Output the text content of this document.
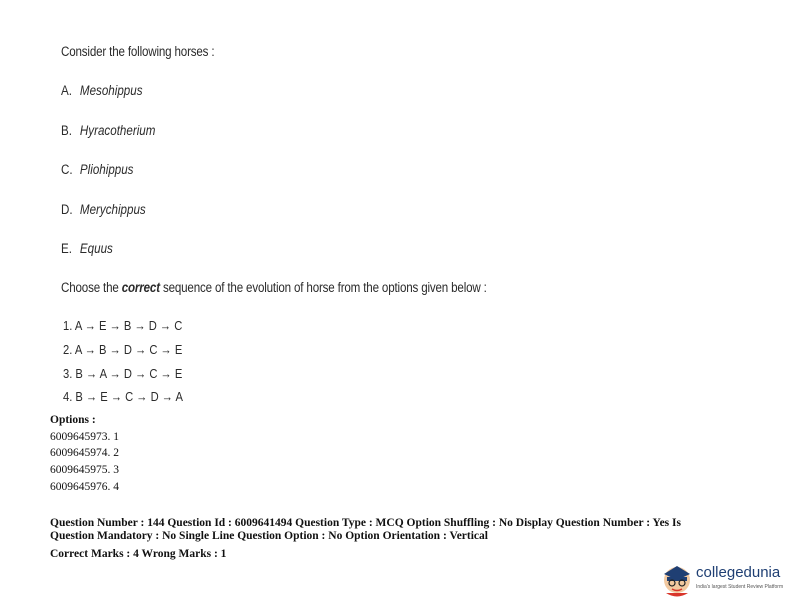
Consider the following horses :
A. Mesohippus
B. Hyracotherium
C. Pliohippus
D. Merychippus
E. Equus
Choose the correct sequence of the evolution of horse from the options given below :
1. A → E → B → D → C
2. A → B → D → C → E
3. B → A → D → C → E
4. B → E → C → D → A
Options :
6009645973. 1
6009645974. 2
6009645975. 3
6009645976. 4
Question Number : 144 Question Id : 6009641494 Question Type : MCQ Option Shuffling : No Display Question Number : Yes Is
Question Mandatory : No Single Line Question Option : No Option Orientation : Vertical
Correct Marks : 4 Wrong Marks : 1
collegedunia
India's largest Student Review Platform
